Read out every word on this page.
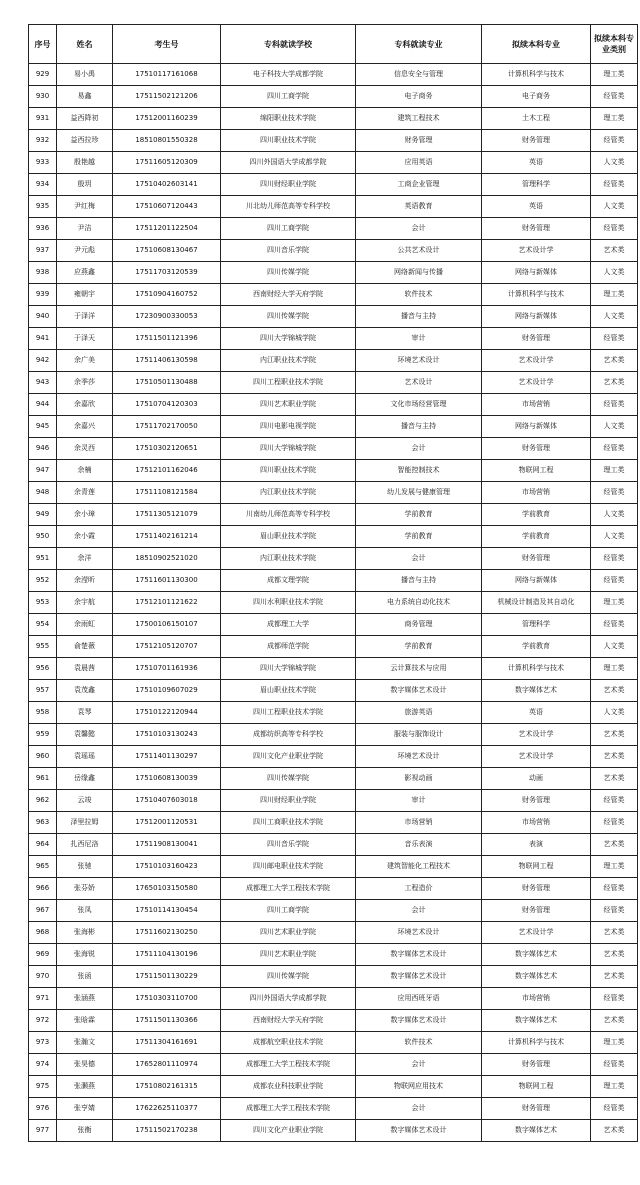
序号	姓名	考生号	专科就读学校	专科就读专业	拟续本科专业	拟续本科专业类别
929	易小禹	17510117161068	电子科技大学成都学院	信息安全与管理	计算机科学与技术	理工类
930	易鑫	17511502121206	四川工商学院	电子商务	电子商务	经管类
931	益西降初	17512001160239	绵阳职业技术学院	建筑工程技术	土木工程	理工类
932	益西拉珍	18510801550328	四川职业技术学院	财务管理	财务管理	经管类
933	殷艳越	17511605120309	四川外国语大学成都学院	应用英语	英语	人文类
934	殷玥	17510402603141	四川财经职业学院	工商企业管理	管理科学	经管类
935	尹红梅	17510607120443	川北幼儿师范高等专科学校	英语教育	英语	人文类
936	尹洁	17511201122504	四川工商学院	会计	财务管理	经管类
937	尹元彪	17510608130467	四川音乐学院	公共艺术设计	艺术设计学	艺术类
938	应燕鑫	17511703120539	四川传媒学院	网络新闻与传播	网络与新媒体	人文类
939	雍朝宇	17510904160752	西南财经大学天府学院	软件技术	计算机科学与技术	理工类
940	于泽洋	17230900330053	四川传媒学院	播音与主持	网络与新媒体	人文类
941	于泽天	17511501121396	四川大学锦城学院	审计	财务管理	经管类
942	余广美	17511406130598	内江职业技术学院	环境艺术设计	艺术设计学	艺术类
943	余季莎	17510501130488	四川工程职业技术学院	艺术设计	艺术设计学	艺术类
944	余嘉欣	17510704120303	四川艺术职业学院	文化市场经营管理	市场营销	经管类
945	余嘉兴	17511702170050	四川电影电视学院	播音与主持	网络与新媒体	人文类
946	余灵西	17510302120651	四川大学锦城学院	会计	财务管理	经管类
947	余楠	17512101162046	四川职业技术学院	智能控制技术	物联网工程	理工类
948	余青莲	17511108121584	内江职业技术学院	幼儿发展与健康管理	市场营销	经管类
949	余小璋	17511305121079	川南幼儿师范高等专科学校	学前教育	学前教育	人文类
950	余小霞	17511402161214	眉山职业技术学院	学前教育	学前教育	人文类
951	余洋	18510902521020	内江职业技术学院	会计	财务管理	经管类
952	余滢昕	17511601130300	成都文理学院	播音与主持	网络与新媒体	经管类
953	余宇航	17512101121622	四川水利职业技术学院	电力系统自动化技术	机械设计制造及其自动化	理工类
954	余雨虹	17500106150107	成都理工大学	商务管理	管理科学	经管类
955	俞楚薇	17512105120707	成都师范学院	学前教育	学前教育	人文类
956	袁晨茜	17510701161936	四川大学锦城学院	云计算技术与应用	计算机科学与技术	理工类
957	袁茂鑫	17510109607029	眉山职业技术学院	数字媒体艺术设计	数字媒体艺术	艺术类
958	袁琴	17510122120944	四川工程职业技术学院	旅游英语	英语	人文类
959	袁馨懿	17510103130243	成都纺织高等专科学校	服装与服饰设计	艺术设计学	艺术类
960	袁瑶瑶	17511401130297	四川文化产业职业学院	环境艺术设计	艺术设计学	艺术类
961	岳缘鑫	17510608130039	四川传媒学院	影视动画	动画	艺术类
962	云竣	17510407603018	四川财经职业学院	审计	财务管理	经管类
963	泽里拉姆	17512001120531	四川工商职业技术学院	市场营销	市场营销	经管类
964	扎西尼洛	17511908130041	四川音乐学院	音乐表演	表演	艺术类
965	张驰	17510103160423	四川邮电职业技术学院	建筑智能化工程技术	物联网工程	理工类
966	张芬娇	17650103150580	成都理工大学工程技术学院	工程造价	财务管理	经管类
967	张凤	17510114130454	四川工商学院	会计	财务管理	经管类
968	张海彬	17511602130250	四川艺术职业学院	环境艺术设计	艺术设计学	艺术类
969	张海锐	17511104130196	四川艺术职业学院	数字媒体艺术设计	数字媒体艺术	艺术类
970	张函	17511501130229	四川传媒学院	数字媒体艺术设计	数字媒体艺术	艺术类
971	张涵燕	17510303110700	四川外国语大学成都学院	应用西班牙语	市场营销	经管类
972	张晗霖	17511501130366	西南财经大学天府学院	数字媒体艺术设计	数字媒体艺术	艺术类
973	张瀚文	17511304161691	成都航空职业技术学院	软件技术	计算机科学与技术	理工类
974	张昊德	17652801110974	成都理工大学工程技术学院	会计	财务管理	经管类
975	张灏燕	17510802161315	成都农业科技职业学院	物联网应用技术	物联网工程	理工类
976	张亨婧	17622625110377	成都理工大学工程技术学院	会计	财务管理	经管类
977	张衡	17511502170238	四川文化产业职业学院	数字媒体艺术设计	数字媒体艺术	艺术类
